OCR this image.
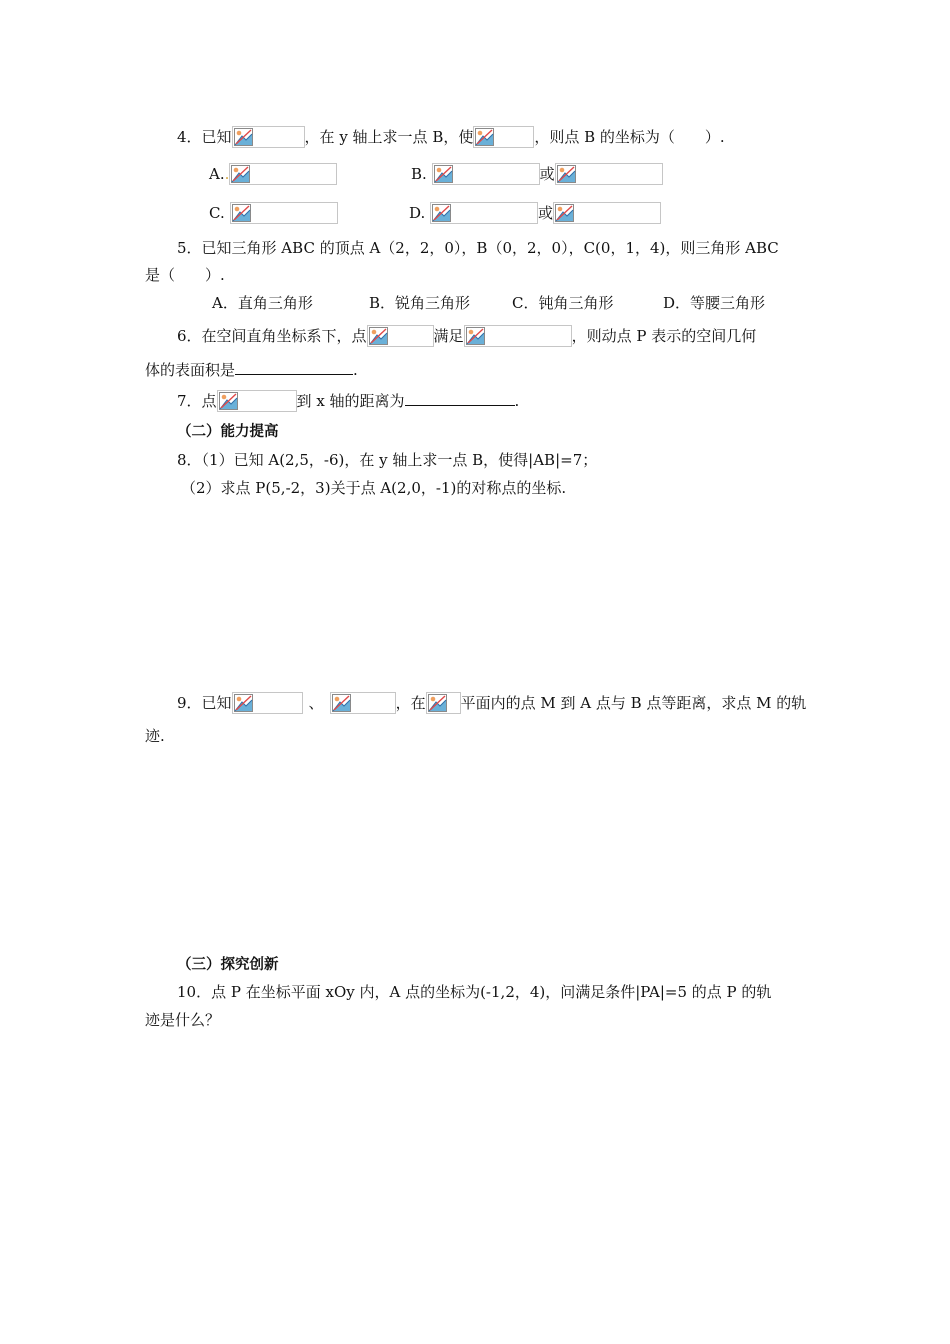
4．已知	，在 y 轴上求一点 B，使	，则点 B 的坐标为（　　）.
A..	B.	或
C.	D.	或
5．已知三角形 ABC 的顶点 A（2，2，0），B（0，2，0），C(0，1，4)，则三角形 ABC
是（　　）.
A．直角三角形	B．锐角三角形	C．钝角三角形	D．等腰三角形
6．在空间直角坐标系下，点	满足	，则动点 P 表示的空间几何
体的表面积是	.
7．点	到 x 轴的距离为	.
（二）能力提高
8．（1）已知 A(2,5，-6)，在 y 轴上求一点 B，使得|AB|=7；
（2）求点 P(5,-2，3)关于点 A(2,0，-1)的对称点的坐标.
9．已知	、	，在 平面内的点 M 到 A 点与 B 点等距离，求点 M 的轨
迹.
（三）探究创新
10．点 P 在坐标平面 xOy 内，A 点的坐标为(-1,2，4)，问满足条件|PA|=5 的点 P 的轨
迹是什么？
